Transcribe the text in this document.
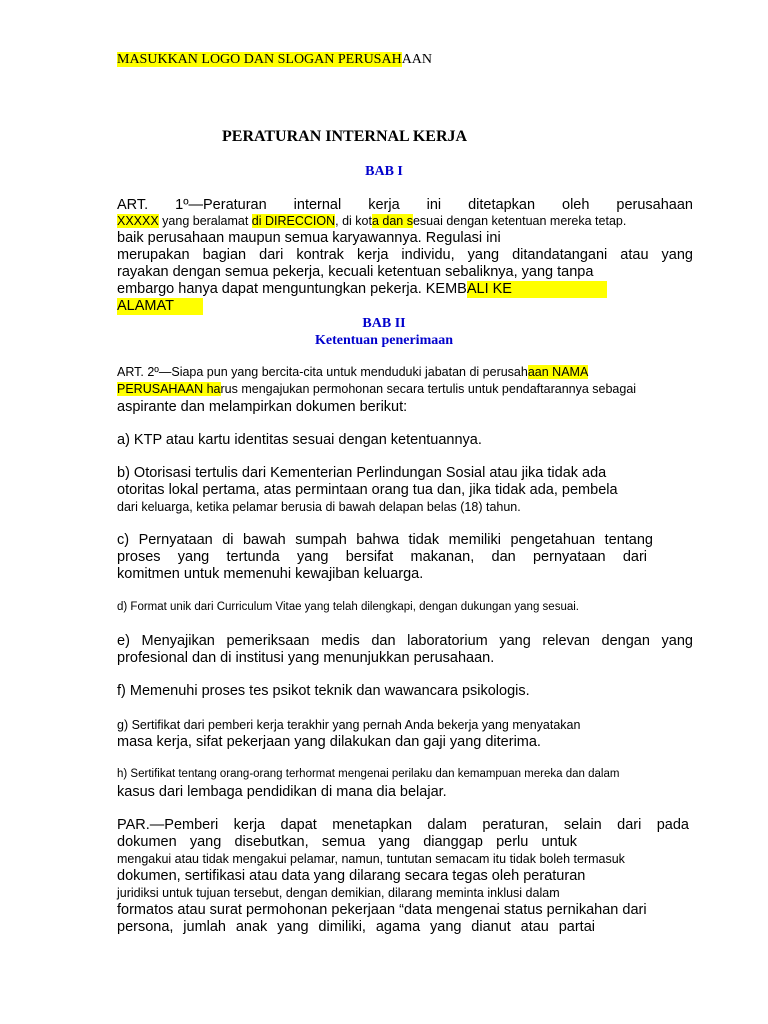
MASUKKAN LOGO DAN SLOGAN PERUSAHAAN
PERATURAN INTERNAL KERJA
BAB I
ART. 1º—Peraturan internal kerja ini ditetapkan oleh perusahaan
XXXXX yang beralamat di DIRECCION, di kota dan sesuai dengan ketentuan mereka tetap.
baik perusahaan maupun semua karyawannya. Regulasi ini
merupakan bagian dari kontrak kerja individu, yang ditandatangani atau yang
rayakan dengan semua pekerja, kecuali ketentuan sebaliknya, yang tanpa
embargo hanya dapat menguntungkan pekerja. KEMBALI KE
ALAMAT
BAB II
Ketentuan penerimaan
ART. 2º—Siapa pun yang bercita-cita untuk menduduki jabatan di perusahaan NAMA
PERUSAHAAN harus mengajukan permohonan secara tertulis untuk pendaftarannya sebagai
aspirante dan melampirkan dokumen berikut:
a) KTP atau kartu identitas sesuai dengan ketentuannya.
b) Otorisasi tertulis dari Kementerian Perlindungan Sosial atau jika tidak ada
otoritas lokal pertama, atas permintaan orang tua dan, jika tidak ada, pembela
dari keluarga, ketika pelamar berusia di bawah delapan belas (18) tahun.
c) Pernyataan di bawah sumpah bahwa tidak memiliki pengetahuan tentang
proses yang tertunda yang bersifat makanan, dan pernyataan dari
komitmen untuk memenuhi kewajiban keluarga.
d) Format unik dari Curriculum Vitae yang telah dilengkapi, dengan dukungan yang sesuai.
e) Menyajikan pemeriksaan medis dan laboratorium yang relevan dengan yang
profesional dan di institusi yang menunjukkan perusahaan.
f) Memenuhi proses tes psikot teknik dan wawancara psikologis.
g) Sertifikat dari pemberi kerja terakhir yang pernah Anda bekerja yang menyatakan
masa kerja, sifat pekerjaan yang dilakukan dan gaji yang diterima.
h) Sertifikat tentang orang-orang terhormat mengenai perilaku dan kemampuan mereka dan dalam
kasus dari lembaga pendidikan di mana dia belajar.
PAR.—Pemberi kerja dapat menetapkan dalam peraturan, selain dari pada
dokumen yang disebutkan, semua yang dianggap perlu untuk
mengakui atau tidak mengakui pelamar, namun, tuntutan semacam itu tidak boleh termasuk
dokumen, sertifikasi atau data yang dilarang secara tegas oleh peraturan
juridiksi untuk tujuan tersebut, dengan demikian, dilarang meminta inklusi dalam
formatos atau surat permohonan pekerjaan “data mengenai status pernikahan dari
persona, jumlah anak yang dimiliki, agama yang dianut atau partai
